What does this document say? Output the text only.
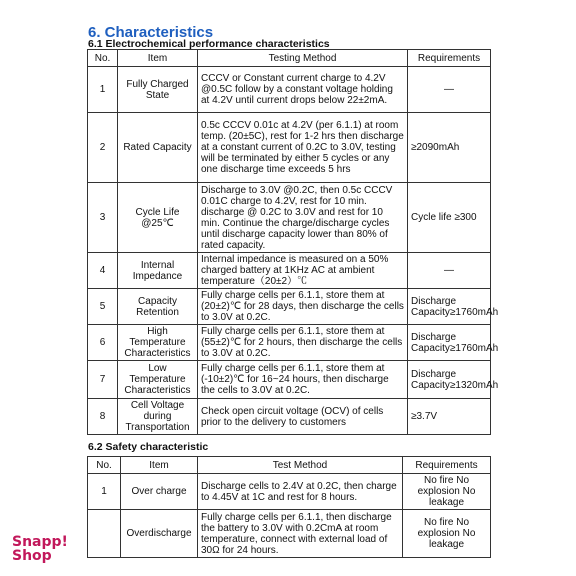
6. Characteristics
6.1 Electrochemical performance characteristics
No.	Item	Testing Method	Requirements
1	Fully Charged State	CCCV or Constant current charge to 4.2V @0.5C follow by a constant voltage holding at 4.2V until current drops below 22±2mA.	—
2	Rated Capacity	0.5c CCCV 0.01c at 4.2V (per 6.1.1) at room temp. (20±5C), rest for 1-2 hrs then discharge at a constant current of 0.2C to 3.0V, testing will be terminated by either 5 cycles or any one discharge time exceeds 5 hrs	≥2090mAh
3	Cycle Life @25℃	Discharge to 3.0V @0.2C, then 0.5c CCCV 0.01C charge to 4.2V, rest for 10 min. discharge @ 0.2C to 3.0V and rest for 10 min. Continue the charge/discharge cycles until discharge capacity lower than 80% of rated capacity.	Cycle life ≥300
4	Internal Impedance	Internal impedance is measured on a 50% charged battery at 1KHz AC at ambient temperature（20±2）℃	—
5	Capacity Retention	Fully charge cells per 6.1.1, store them at (20±2)℃ for 28 days, then discharge the cells to 3.0V at 0.2C.	Discharge Capacity≥1760mAh
6	High Temperature Characteristics	Fully charge cells per 6.1.1, store them at (55±2)℃ for 2 hours, then discharge the cells to 3.0V at 0.2C.	Discharge Capacity≥1760mAh
7	Low Temperature Characteristics	Fully charge cells per 6.1.1, store them at (-10±2)℃ for 16~24 hours, then discharge the cells to 3.0V at 0.2C.	Discharge Capacity≥1320mAh
8	Cell Voltage during Transportation	Check open circuit voltage (OCV) of cells prior to the delivery to customers	≥3.7V
6.2 Safety characteristic
No.	Item	Test Method	Requirements
1	Over charge	Discharge cells to 2.4V at 0.2C, then charge to 4.45V at 1C and rest for 8 hours.	No fire No explosion No leakage
	Overdischarge	Fully charge cells per 6.1.1, then discharge the battery to 3.0V with 0.2CmA at room temperature, connect with external load of 30Ω for 24 hours.	No fire No explosion No leakage
Snapp!
Shop
